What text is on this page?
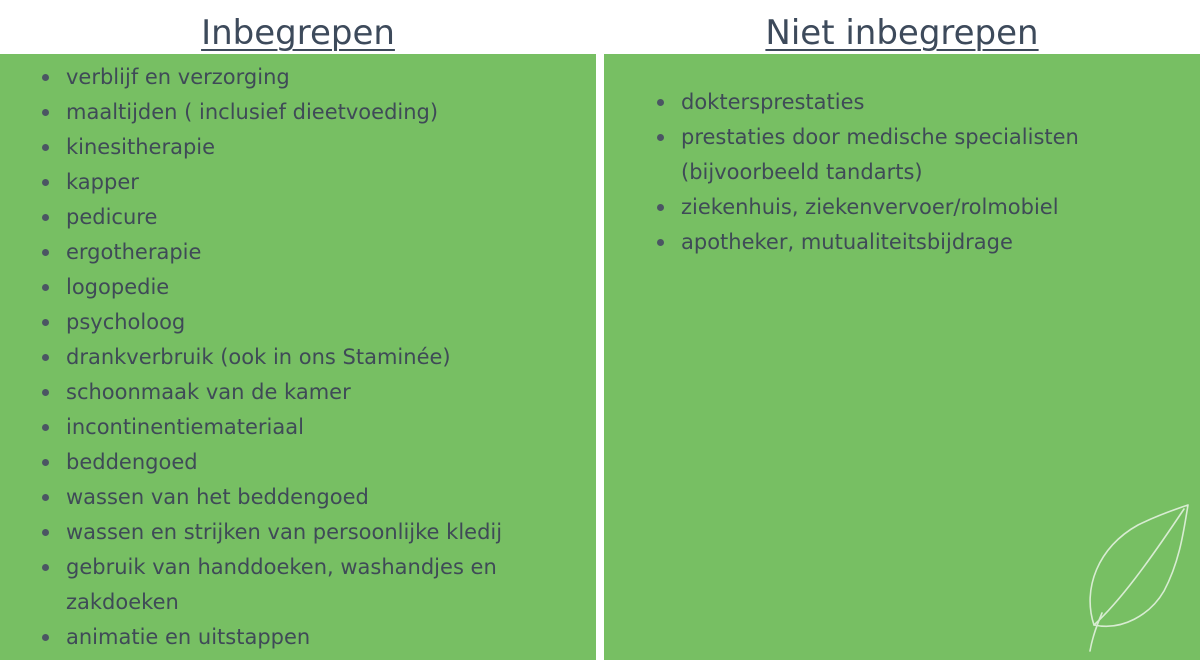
Inbegrepen	Niet inbegrepen
verblijf en verzorging
maaltijden ( inclusief dieetvoeding)
kinesitherapie
kapper
pedicure
ergotherapie
logopedie
psycholoog
drankverbruik (ook in ons Staminée)
schoonmaak van de kamer
incontinentiemateriaal
beddengoed
wassen van het beddengoed
wassen en strijken van persoonlijke kledij
gebruik van handdoeken, washandjes en zakdoeken
animatie en uitstappen
doktersprestaties
prestaties door medische specialisten (bijvoorbeeld tandarts)
ziekenhuis, ziekenvervoer/rolmobiel
apotheker, mutualiteitsbijdrage
